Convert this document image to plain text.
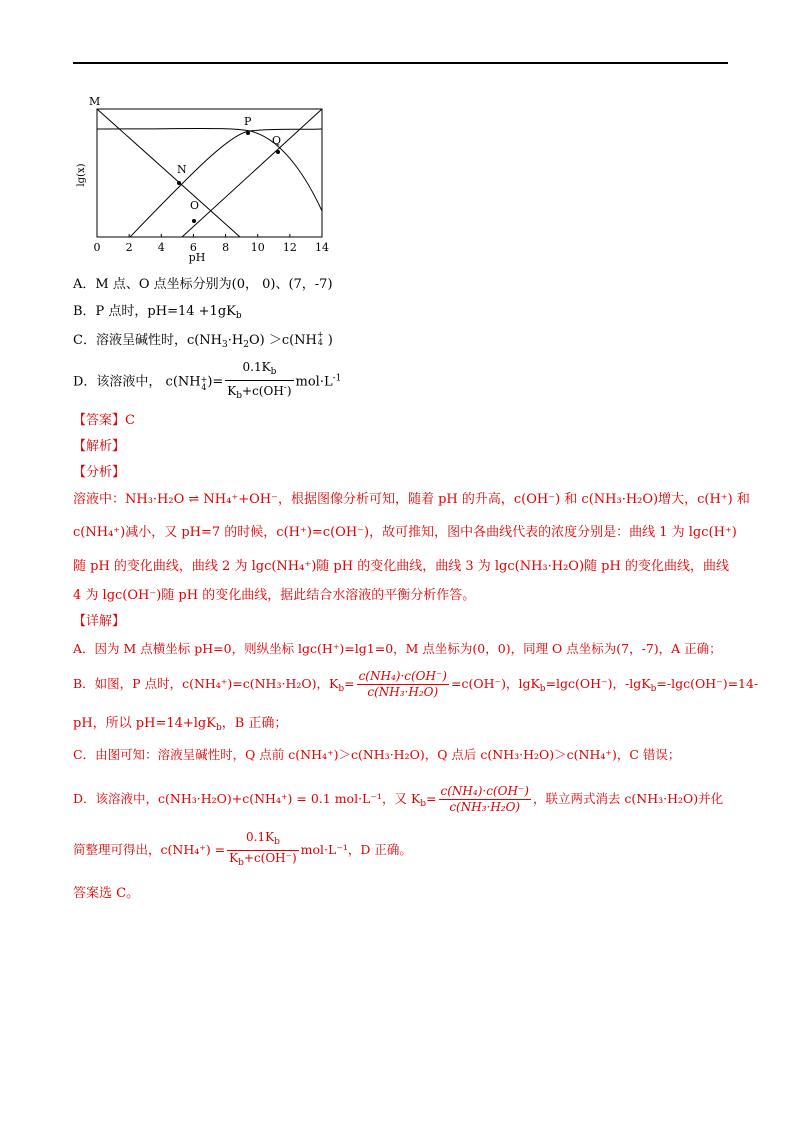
lg(x)
pH
0 2 4 6 8 10 12 14
M
N
O
P
Q
A．M 点、O 点坐标分别为(0， 0)、(7，-7)
B．P 点时，$pH=14 +1gK_b$
C．溶液呈碱性时，$c(NH_3\cdot H_2O) >c(NH$ +
4 )
D．该溶液中， c(NH +
4 )= $\frac{0.1K_b}{K_b+c(OH^-)} mol\cdot L^{-1}$
【答案】C
【解析】
【分析】
溶液中：NH₃·H₂O ⇌ NH₄⁺+OH⁻，根据图像分析可知，随着 pH 的升高，c(OH⁻) 和 c(NH₃·H₂O)增大，c(H⁺) 和
c(NH₄⁺)减小，又 pH=7 的时候，c(H⁺)=c(OH⁻)，故可推知，图中各曲线代表的浓度分别是：曲线 1 为 lgc(H⁺)
随 pH 的变化曲线，曲线 2 为 lgc(NH₄⁺)随 pH 的变化曲线，曲线 3 为 lgc(NH₃·H₂O)随 pH 的变化曲线，曲线
4 为 lgc(OH⁻)随 pH 的变化曲线，据此结合水溶液的平衡分析作答。
【详解】
A．因为 M 点横坐标 pH=0，则纵坐标 lgc(H⁺)=lg1=0，M 点坐标为(0，0)，同理 O 点坐标为(7，-7)，A 正确；
B．如图，P 点时，c(NH₄⁺)=c(NH₃·H₂O)，$K_b= \frac{\text{c(NH₄)·c(OH⁻)}}{\text{c(NH₃·H₂O)}} =c(OH^-)$，lgK$_b$=lgc(OH⁻)，-lgK$_b$=-lgc(OH⁻)=14-
pH，所以 pH=14+lgK$_b$，B 正确；
C．由图可知：溶液呈碱性时，Q 点前 c(NH₄⁺)＞c(NH₃·H₂O)，Q 点后 c(NH₃·H₂O)＞c(NH₄⁺)，C 错误；
D．该溶液中，c(NH₃·H₂O)+c(NH₄⁺) = 0.1 mol·L⁻¹，又 $K_b= \frac{\text{c(NH₄)·c(OH⁻)}}{\text{c(NH₃·H₂O)}}$ ，联立两式消去 c(NH₃·H₂O)并化
简整理可得出，$c(NH_4^+) = \frac{0.1K_b}{K_b+c(OH^-)} mol\cdot L^{-1}$，D 正确。
答案选 C。
